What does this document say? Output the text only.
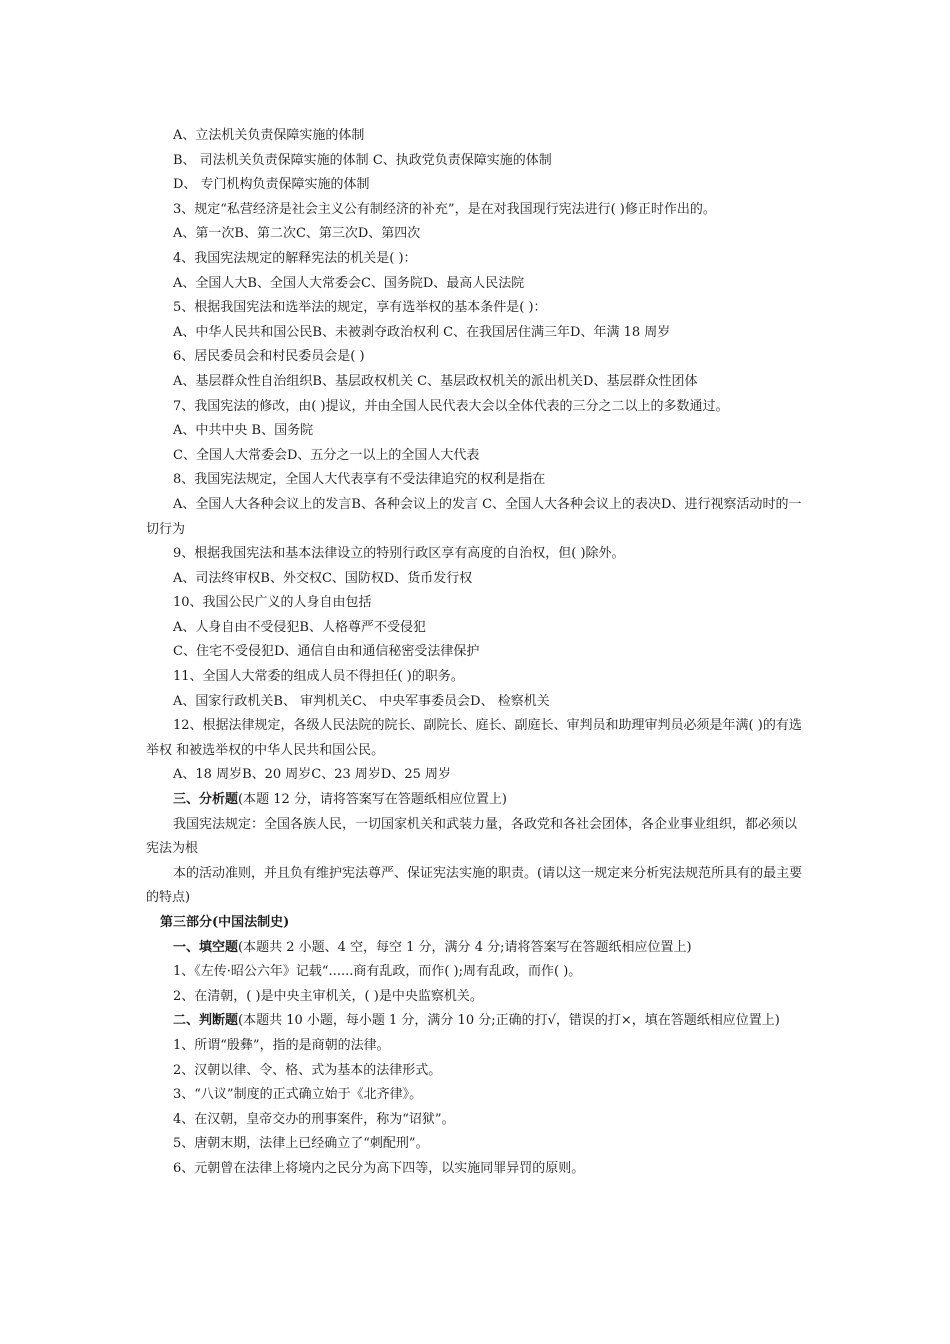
A、立法机关负责保障实施的体制
B、 司法机关负责保障实施的体制 C、执政党负责保障实施的体制
D、 专门机构负责保障实施的体制
3、规定“私营经济是社会主义公有制经济的补充”，是在对我国现行宪法进行( )修正时作出的。
A、第一次B、第二次C、第三次D、第四次
4、我国宪法规定的解释宪法的机关是( )：
A、全国人大B、全国人大常委会C、国务院D、最高人民法院
5、根据我国宪法和选举法的规定，享有选举权的基本条件是( )：
A、中华人民共和国公民B、未被剥夺政治权利 C、在我国居住满三年D、年满 18 周岁
6、居民委员会和村民委员会是( )
A、基层群众性自治组织B、基层政权机关 C、基层政权机关的派出机关D、基层群众性团体
7、我国宪法的修改，由( )提议，并由全国人民代表大会以全体代表的三分之二以上的多数通过。
A、中共中央 B、国务院
C、全国人大常委会D、五分之一以上的全国人大代表
8、我国宪法规定，全国人大代表享有不受法律追究的权利是指在
A、全国人大各种会议上的发言B、各种会议上的发言 C、全国人大各种会议上的表决D、进行视察活动时的一切行为
9、根据我国宪法和基本法律设立的特别行政区享有高度的自治权，但( )除外。
A、司法终审权B、外交权C、国防权D、货币发行权
10、我国公民广义的人身自由包括
A、人身自由不受侵犯B、人格尊严不受侵犯
C、住宅不受侵犯D、通信自由和通信秘密受法律保护
11、全国人大常委的组成人员不得担任( )的职务。
A、国家行政机关B、 审判机关C、 中央军事委员会D、 检察机关
12、根据法律规定，各级人民法院的院长、副院长、庭长、副庭长、审判员和助理审判员必须是年满( )的有选举权 和被选举权的中华人民共和国公民。
A、18 周岁B、20 周岁C、23 周岁D、25 周岁
三、分析题(本题 12 分，请将答案写在答题纸相应位置上)
我国宪法规定：全国各族人民，一切国家机关和武装力量，各政党和各社会团体，各企业事业组织，都必须以宪法为根
本的活动准则，并且负有维护宪法尊严、保证宪法实施的职责。(请以这一规定来分析宪法规范所具有的最主要的特点)
第三部分(中国法制史)
一、填空题(本题共 2 小题、4 空，每空 1 分，满分 4 分;请将答案写在答题纸相应位置上)
1、《左传·昭公六年》记载“......商有乱政，而作( );周有乱政，而作( )。
2、在清朝，( )是中央主审机关，( )是中央监察机关。
二、判断题(本题共 10 小题，每小题 1 分，满分 10 分;正确的打√，错误的打×，填在答题纸相应位置上)
1、所谓“殷彝”，指的是商朝的法律。
2、汉朝以律、令、格、式为基本的法律形式。
3、“八议”制度的正式确立始于《北齐律》。
4、在汉朝，皇帝交办的刑事案件，称为“诏狱”。
5、唐朝末期，法律上已经确立了“刺配刑”。
6、元朝曾在法律上将境内之民分为高下四等，以实施同罪异罚的原则。
